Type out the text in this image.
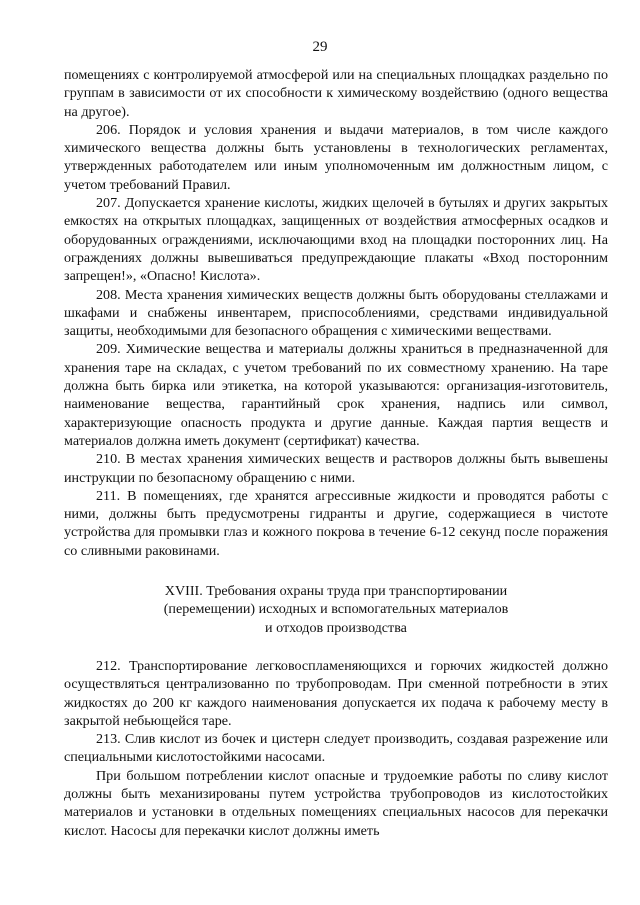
29

помещениях с контролируемой атмосферой или на специальных площадках раздельно по группам в зависимости от их способности к химическому воздействию (одного вещества на другое).

206. Порядок и условия хранения и выдачи материалов, в том числе каждого химического вещества должны быть установлены в технологических регламентах, утвержденных работодателем или иным уполномоченным им должностным лицом, с учетом требований Правил.

207. Допускается хранение кислоты, жидких щелочей в бутылях и других закрытых емкостях на открытых площадках, защищенных от воздействия атмосферных осадков и оборудованных ограждениями, исключающими вход на площадки посторонних лиц. На ограждениях должны вывешиваться предупреждающие плакаты «Вход посторонним запрещен!», «Опасно! Кислота».

208. Места хранения химических веществ должны быть оборудованы стеллажами и шкафами и снабжены инвентарем, приспособлениями, средствами индивидуальной защиты, необходимыми для безопасного обращения с химическими веществами.

209. Химические вещества и материалы должны храниться в предназначенной для хранения таре на складах, с учетом требований по их совместному хранению. На таре должна быть бирка или этикетка, на которой указываются: организация-изготовитель, наименование вещества, гарантийный срок хранения, надпись или символ, характеризующие опасность продукта и другие данные. Каждая партия веществ и материалов должна иметь документ (сертификат) качества.

210. В местах хранения химических веществ и растворов должны быть вывешены инструкции по безопасному обращению с ними.

211. В помещениях, где хранятся агрессивные жидкости и проводятся работы с ними, должны быть предусмотрены гидранты и другие, содержащиеся в чистоте устройства для промывки глаз и кожного покрова в течение 6-12 секунд после поражения со сливными раковинами.

XVIII. Требования охраны труда при транспортировании
(перемещении) исходных и вспомогательных материалов
и отходов производства

212. Транспортирование легковоспламеняющихся и горючих жидкостей должно осуществляться централизованно по трубопроводам. При сменной потребности в этих жидкостях до 200 кг каждого наименования допускается их подача к рабочему месту в закрытой небьющейся таре.

213. Слив кислот из бочек и цистерн следует производить, создавая разрежение или специальными кислотостойкими насосами.

При большом потреблении кислот опасные и трудоемкие работы по сливу кислот должны быть механизированы путем устройства трубопроводов из кислотостойких материалов и установки в отдельных помещениях специальных насосов для перекачки кислот. Насосы для перекачки кислот должны иметь
